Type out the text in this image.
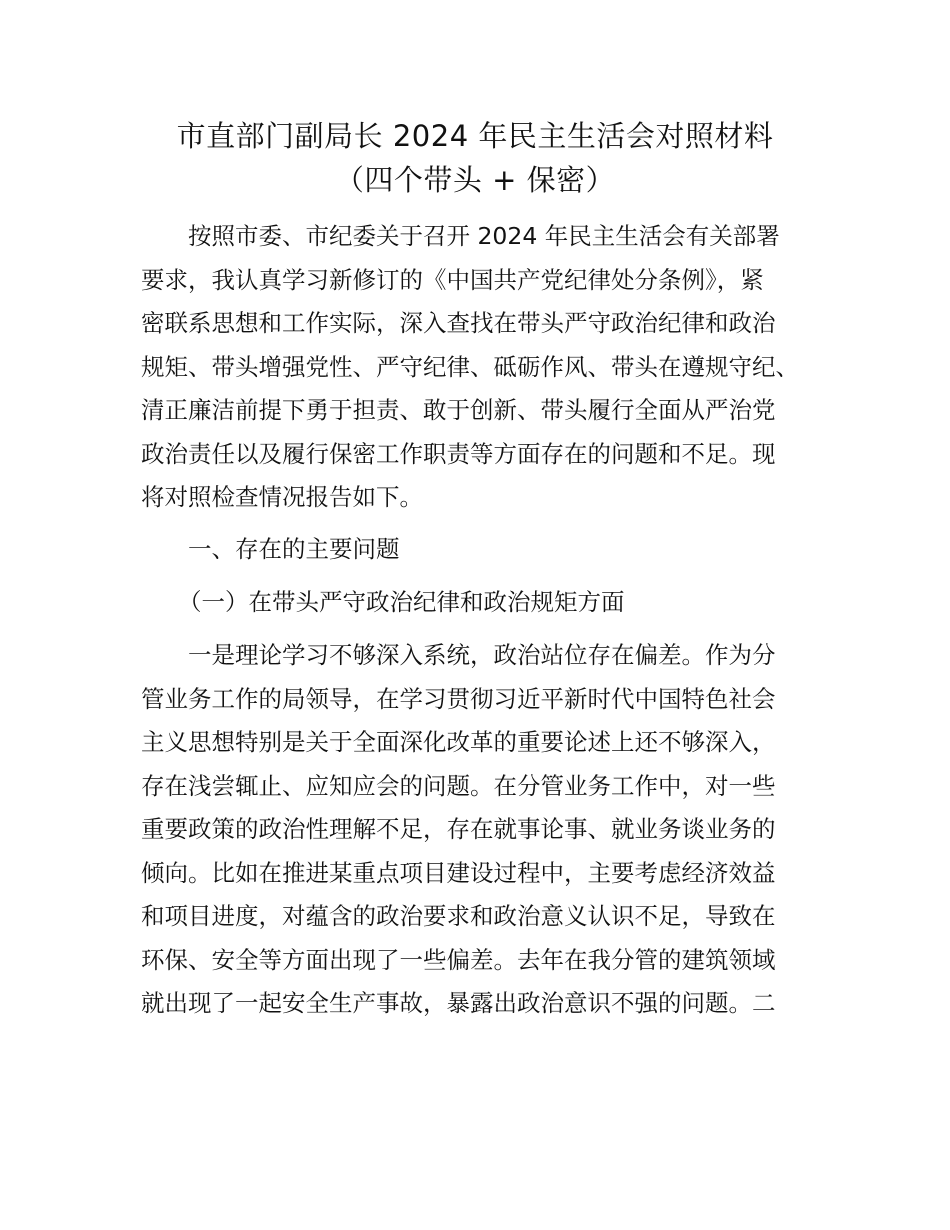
市直部门副局长 2024 年民主生活会对照材料
（四个带头 + 保密）
按照市委、市纪委关于召开 2024 年民主生活会有关部署
要求，我认真学习新修订的《中国共产党纪律处分条例》，紧
密联系思想和工作实际，深入查找在带头严守政治纪律和政治
规矩、带头增强党性、严守纪律、砥砺作风、带头在遵规守纪、
清正廉洁前提下勇于担责、敢于创新、带头履行全面从严治党
政治责任以及履行保密工作职责等方面存在的问题和不足。现
将对照检查情况报告如下。
一、存在的主要问题
（一）在带头严守政治纪律和政治规矩方面
一是理论学习不够深入系统，政治站位存在偏差。作为分
管业务工作的局领导，在学习贯彻习近平新时代中国特色社会
主义思想特别是关于全面深化改革的重要论述上还不够深入，
存在浅尝辄止、应知应会的问题。在分管业务工作中，对一些
重要政策的政治性理解不足，存在就事论事、就业务谈业务的
倾向。比如在推进某重点项目建设过程中，主要考虑经济效益
和项目进度，对蕴含的政治要求和政治意义认识不足，导致在
环保、安全等方面出现了一些偏差。去年在我分管的建筑领域
就出现了一起安全生产事故，暴露出政治意识不强的问题。二
